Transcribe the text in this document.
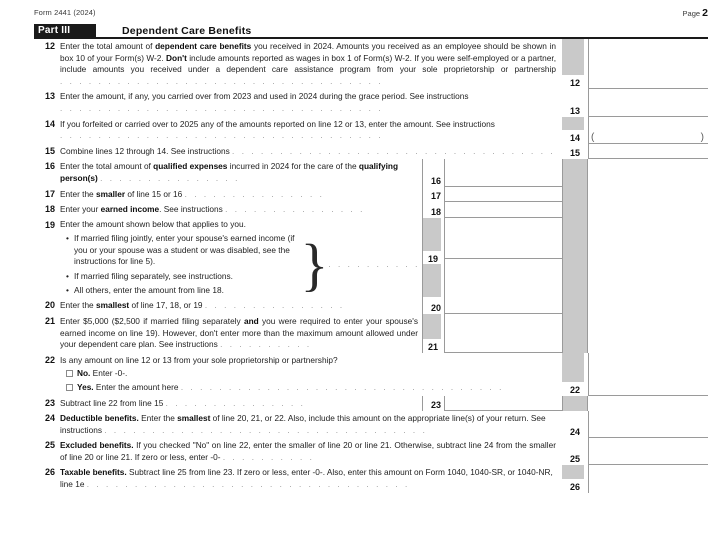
Form 2441 (2024)	Page 2
Part III	Dependent Care Benefits
12 Enter the total amount of dependent care benefits you received in 2024. Amounts you received as an employee should be shown in box 10 of your Form(s) W-2. Don't include amounts reported as wages in box 1 of Form(s) W-2. If you were self-employed or a partner, include amounts you received under a dependent care assistance program from your sole proprietorship or partnership . . . . . . . . . . . . . . . . . . . . . . . . . . . . . . . . . .	12
13 Enter the amount, if any, you carried over from 2023 and used in 2024 during the grace period. See instructions . . . . . . . . . . . . . . . . . . . . . . . . . . . . . . . . . .	13
14 If you forfeited or carried over to 2025 any of the amounts reported on line 12 or 13, enter the amount. See instructions . . . . . . . . . . . . . . . . . . . . . . . . . . . . . . . . . .	14 (	)
15 Combine lines 12 through 14. See instructions . . . . . . . . . . . . . . . . . . . . . . . . . . . . . . . . . .	15
16 Enter the total amount of qualified expenses incurred in 2024 for the care of the qualifying person(s) . . . . . . . . . . . . . . .	16
17 Enter the smaller of line 15 or 16 . . . . . . . . . . . . . . .	17
18 Enter your earned income. See instructions . . . . . . . . . . . . . . .	18
19 Enter the amount shown below that applies to you.
• If married filing jointly, enter your spouse's earned income (if you or your spouse was a student or was disabled, see the instructions for line 5).
• If married filing separately, see instructions.
• All others, enter the amount from line 18. } . . . . . . . . . .
19
20 Enter the smallest of line 17, 18, or 19 . . . . . . . . . . . . . . .	20
21 Enter $5,000 ($2,500 if married filing separately and you were required to enter your spouse's earned income on line 19). However, don't enter more than the maximum amount allowed under your dependent care plan. See instructions . . . . . . . . . .	21
22 Is any amount on line 12 or 13 from your sole proprietorship or partnership?
No. Enter -0-.
Yes. Enter the amount here . . . . . . . . . . . . . . . . . . . . . . . . . . . . . . . . . .	22
23 Subtract line 22 from line 15 . . . . . . . . . . . . . . .	23
24 Deductible benefits. Enter the smallest of line 20, 21, or 22. Also, include this amount on the appropriate line(s) of your return. See instructions . . . . . . . . . . . . . . . . . . . . . . . . . . . . . . . . . .	24
25 Excluded benefits. If you checked "No" on line 22, enter the smaller of line 20 or line 21. Otherwise, subtract line 24 from the smaller of line 20 or line 21. If zero or less, enter -0- . . . . . . . . . .	25
26 Taxable benefits. Subtract line 25 from line 23. If zero or less, enter -0-. Also, enter this amount on Form 1040, 1040-SR, or 1040-NR, line 1e . . . . . . . . . . . . . . . . . . . . . . . . . . . . . . . . . .	26
